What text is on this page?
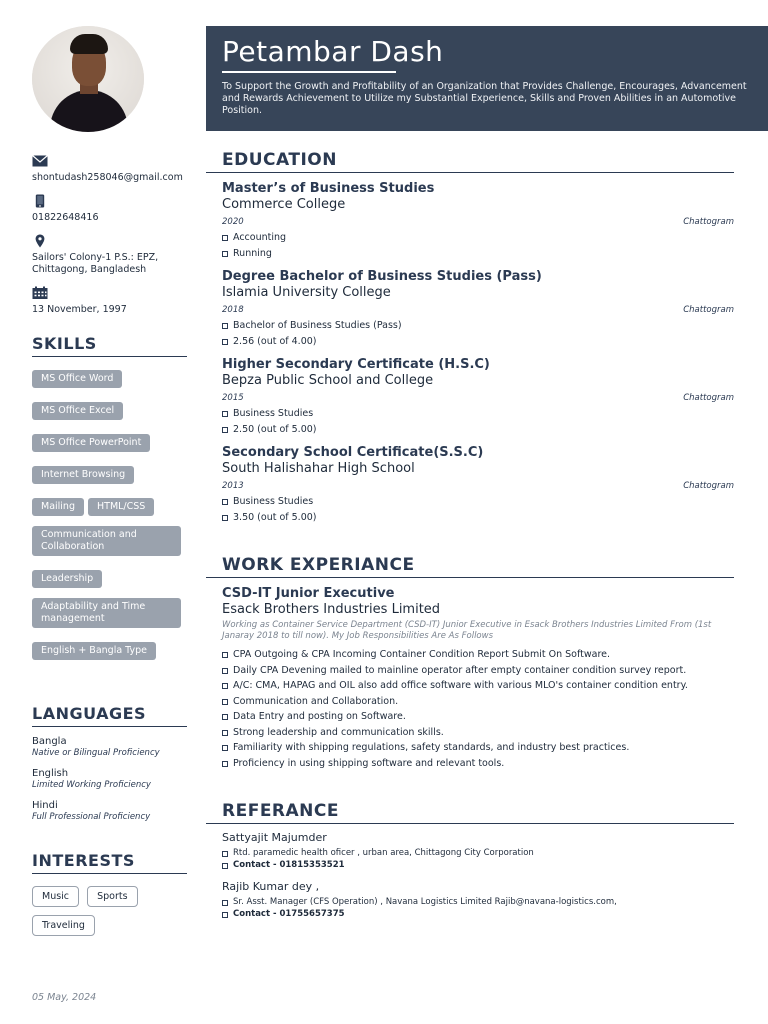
shontudash258046@gmail.com
01822648416
Sailors' Colony-1 P.S.: EPZ, Chittagong, Bangladesh
13 November, 1997
SKILLS
MS Office Word
MS Office Excel
MS Office PowerPoint
Internet Browsing
Mailing HTML/CSS
Communication and Collaboration
Leadership
Adaptability and Time management
English + Bangla Type
LANGUAGES
Bangla
Native or Bilingual Proficiency
English
Limited Working Proficiency
Hindi
Full Professional Proficiency
INTERESTS
Music	Sports
Traveling
05 May, 2024
Petambar Dash

To Support the Growth and Profitability of an Organization that Provides Challenge, Encourages, Advancement and Rewards Achievement to Utilize my Substantial Experience, Skills and Proven Abilities in an Automotive Position.

EDUCATION
Master’s of Business Studies
Commerce College
2020	Chattogram
Accounting
Running
Degree Bachelor of Business Studies (Pass)
Islamia University College
2018	Chattogram
Bachelor of Business Studies (Pass)
2.56 (out of 4.00)
Higher Secondary Certificate (H.S.C)
Bepza Public School and College
2015	Chattogram
Business Studies
2.50 (out of 5.00)
Secondary School Certificate(S.S.C)
South Halishahar High School
2013	Chattogram
Business Studies
3.50 (out of 5.00)
WORK EXPERIANCE
CSD-IT Junior Executive
Esack Brothers Industries Limited

Working as Container Service Department (CSD-IT) Junior Executive in Esack Brothers Industries Limited From (1st Janaray 2018 to till now). My Job Responsibilities Are As Follows

CPA Outgoing & CPA Incoming Container Condition Report Submit On Software.
Daily CPA Devening mailed to mainline operator after empty container condition survey report.
A/C: CMA, HAPAG and OIL also add office software with various MLO's container condition entry.
Communication and Collaboration.
Data Entry and posting on Software.
Strong leadership and communication skills.
Familiarity with shipping regulations, safety standards, and industry best practices.
Proficiency in using shipping software and relevant tools.
REFERANCE
Sattyajit Majumder
Rtd. paramedic health oficer , urban area, Chittagong City Corporation
Contact - 01815353521
Rajib Kumar dey ,
Sr. Asst. Manager (CFS Operation) , Navana Logistics Limited Rajib@navana-logistics.com,
Contact - 01755657375
